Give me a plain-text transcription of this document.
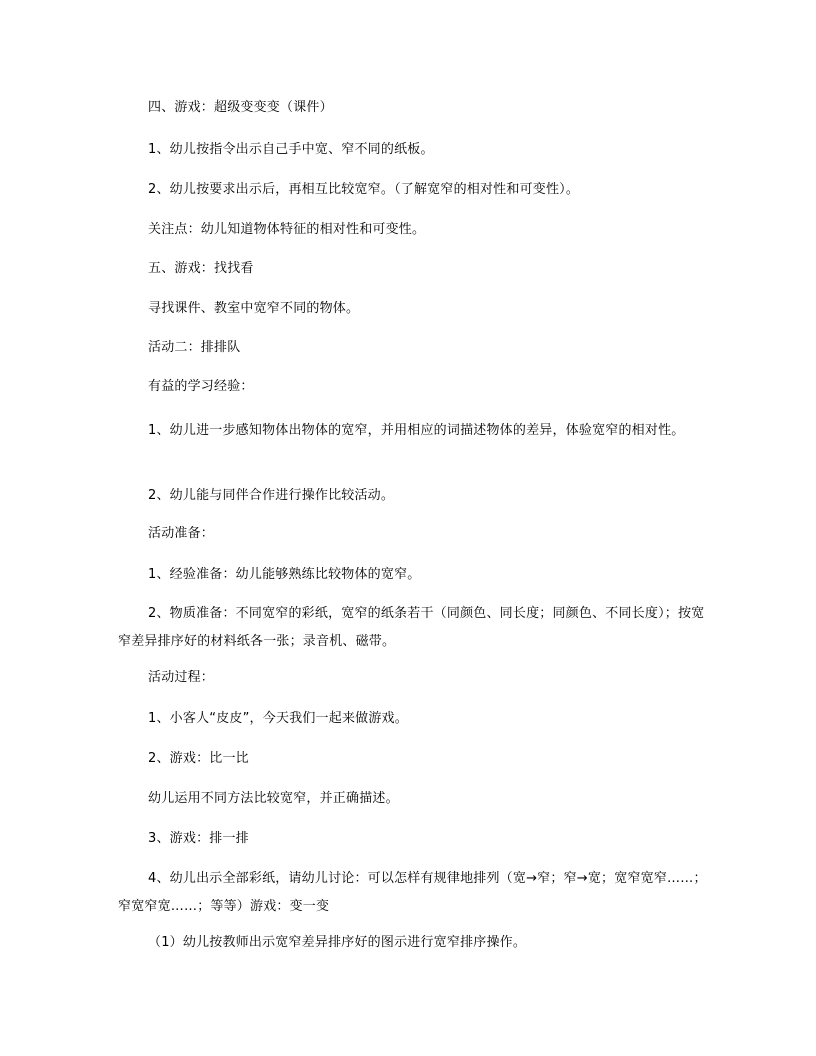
四、游戏：超级变变变（课件）

1、幼儿按指令出示自己手中宽、窄不同的纸板。

2、幼儿按要求出示后，再相互比较宽窄。（了解宽窄的相对性和可变性）。

关注点：幼儿知道物体特征的相对性和可变性。

五、游戏：找找看

寻找课件、教室中宽窄不同的物体。

活动二：排排队

有益的学习经验：

1、幼儿进一步感知物体出物体的宽窄，并用相应的词描述物体的差异，体验宽窄的相对性。

2、幼儿能与同伴合作进行操作比较活动。

活动准备：

1、经验准备：幼儿能够熟练比较物体的宽窄。

2、物质准备：不同宽窄的彩纸，宽窄的纸条若干（同颜色、同长度；同颜色、不同长度）；按宽窄差异排序好的材料纸各一张；录音机、磁带。

活动过程：

1、小客人“皮皮”，今天我们一起来做游戏。

2、游戏：比一比

幼儿运用不同方法比较宽窄，并正确描述。

3、游戏：排一排

4、幼儿出示全部彩纸，请幼儿讨论：可以怎样有规律地排列（宽→窄；窄→宽；宽窄宽窄……；窄宽窄宽……；等等）游戏：变一变

（1）幼儿按教师出示宽窄差异排序好的图示进行宽窄排序操作。
